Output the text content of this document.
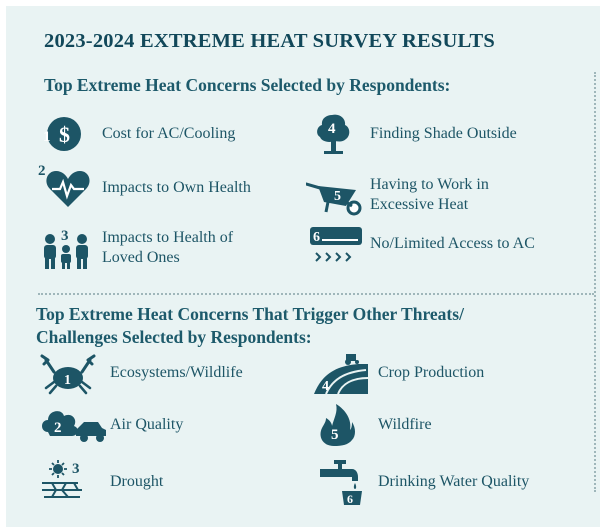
2023-2024 EXTREME HEAT SURVEY RESULTS
Top Extreme Heat Concerns Selected by Respondents:
$
1	Cost for AC/Cooling
2
Impacts to Own Health
3 Impacts to Health of
Loved Ones
4 Finding Shade Outside
5
Having to Work in
Excessive Heat
6	No/Limited Access to AC
Top Extreme Heat Concerns That Trigger Other Threats/
Challenges Selected by Respondents:
1 Ecosystems/Wildlife
2	Air Quality
3
Drought
4
Crop Production
5
Wildfire
6
Drinking Water Quality
